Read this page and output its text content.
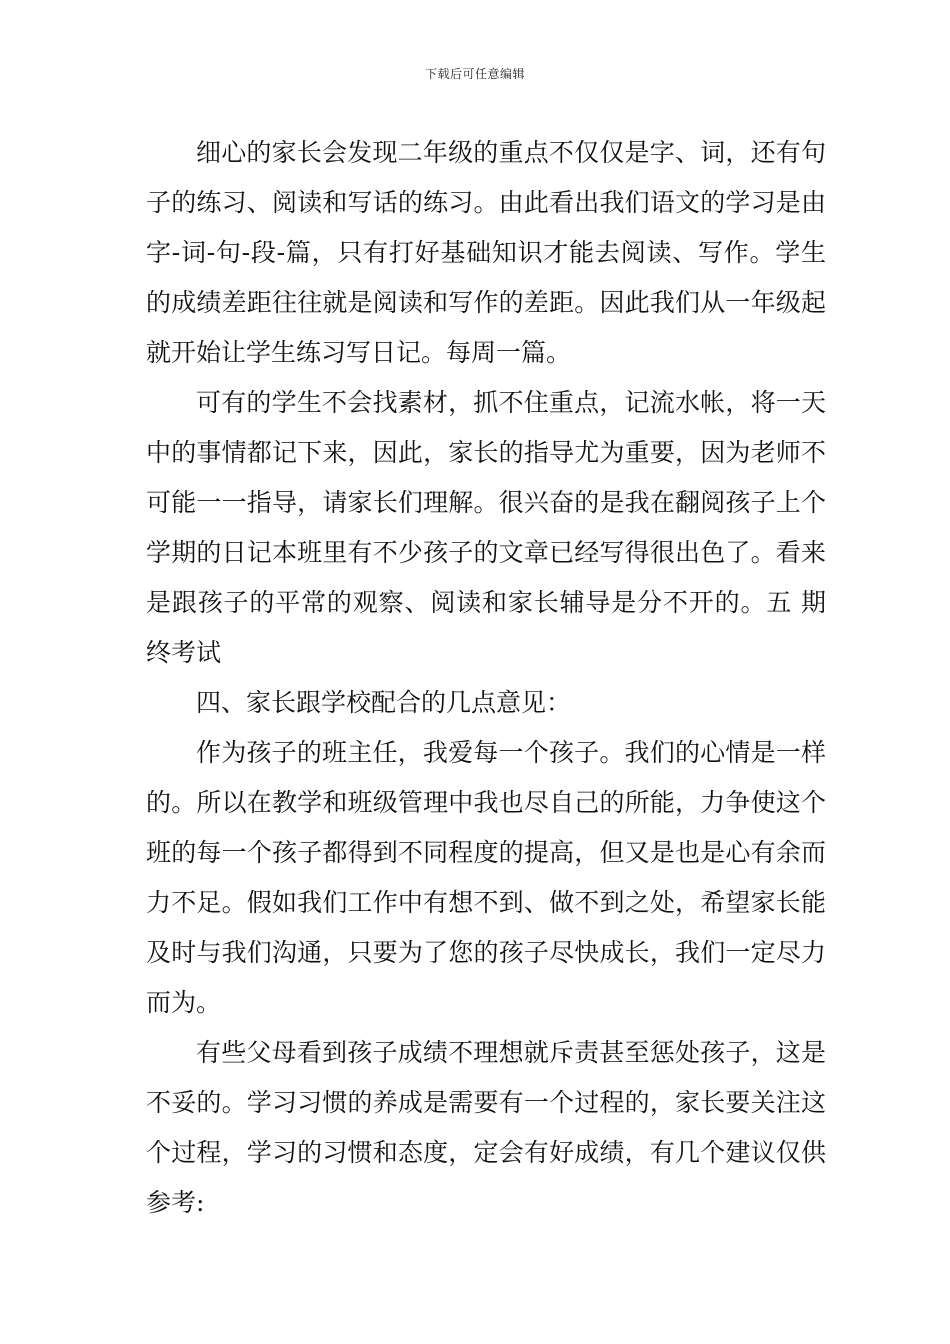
下载后可任意编辑

细心的家长会发现二年级的重点不仅仅是字、词，还有句子的练习、阅读和写话的练习。由此看出我们语文的学习是由字-词-句-段-篇，只有打好基础知识才能去阅读、写作。学生的成绩差距往往就是阅读和写作的差距。因此我们从一年级起就开始让学生练习写日记。每周一篇。

可有的学生不会找素材，抓不住重点，记流水帐，将一天中的事情都记下来，因此，家长的指导尤为重要，因为老师不可能一一指导，请家长们理解。很兴奋的是我在翻阅孩子上个学期的日记本班里有不少孩子的文章已经写得很出色了。看来是跟孩子的平常的观察、阅读和家长辅导是分不开的。五 期终考试

四、家长跟学校配合的几点意见：

作为孩子的班主任，我爱每一个孩子。我们的心情是一样的。所以在教学和班级管理中我也尽自己的所能，力争使这个班的每一个孩子都得到不同程度的提高，但又是也是心有余而力不足。假如我们工作中有想不到、做不到之处，希望家长能及时与我们沟通，只要为了您的孩子尽快成长，我们一定尽力而为。

有些父母看到孩子成绩不理想就斥责甚至惩处孩子，这是不妥的。学习习惯的养成是需要有一个过程的，家长要关注这个过程，学习的习惯和态度，定会有好成绩，有几个建议仅供参考:
